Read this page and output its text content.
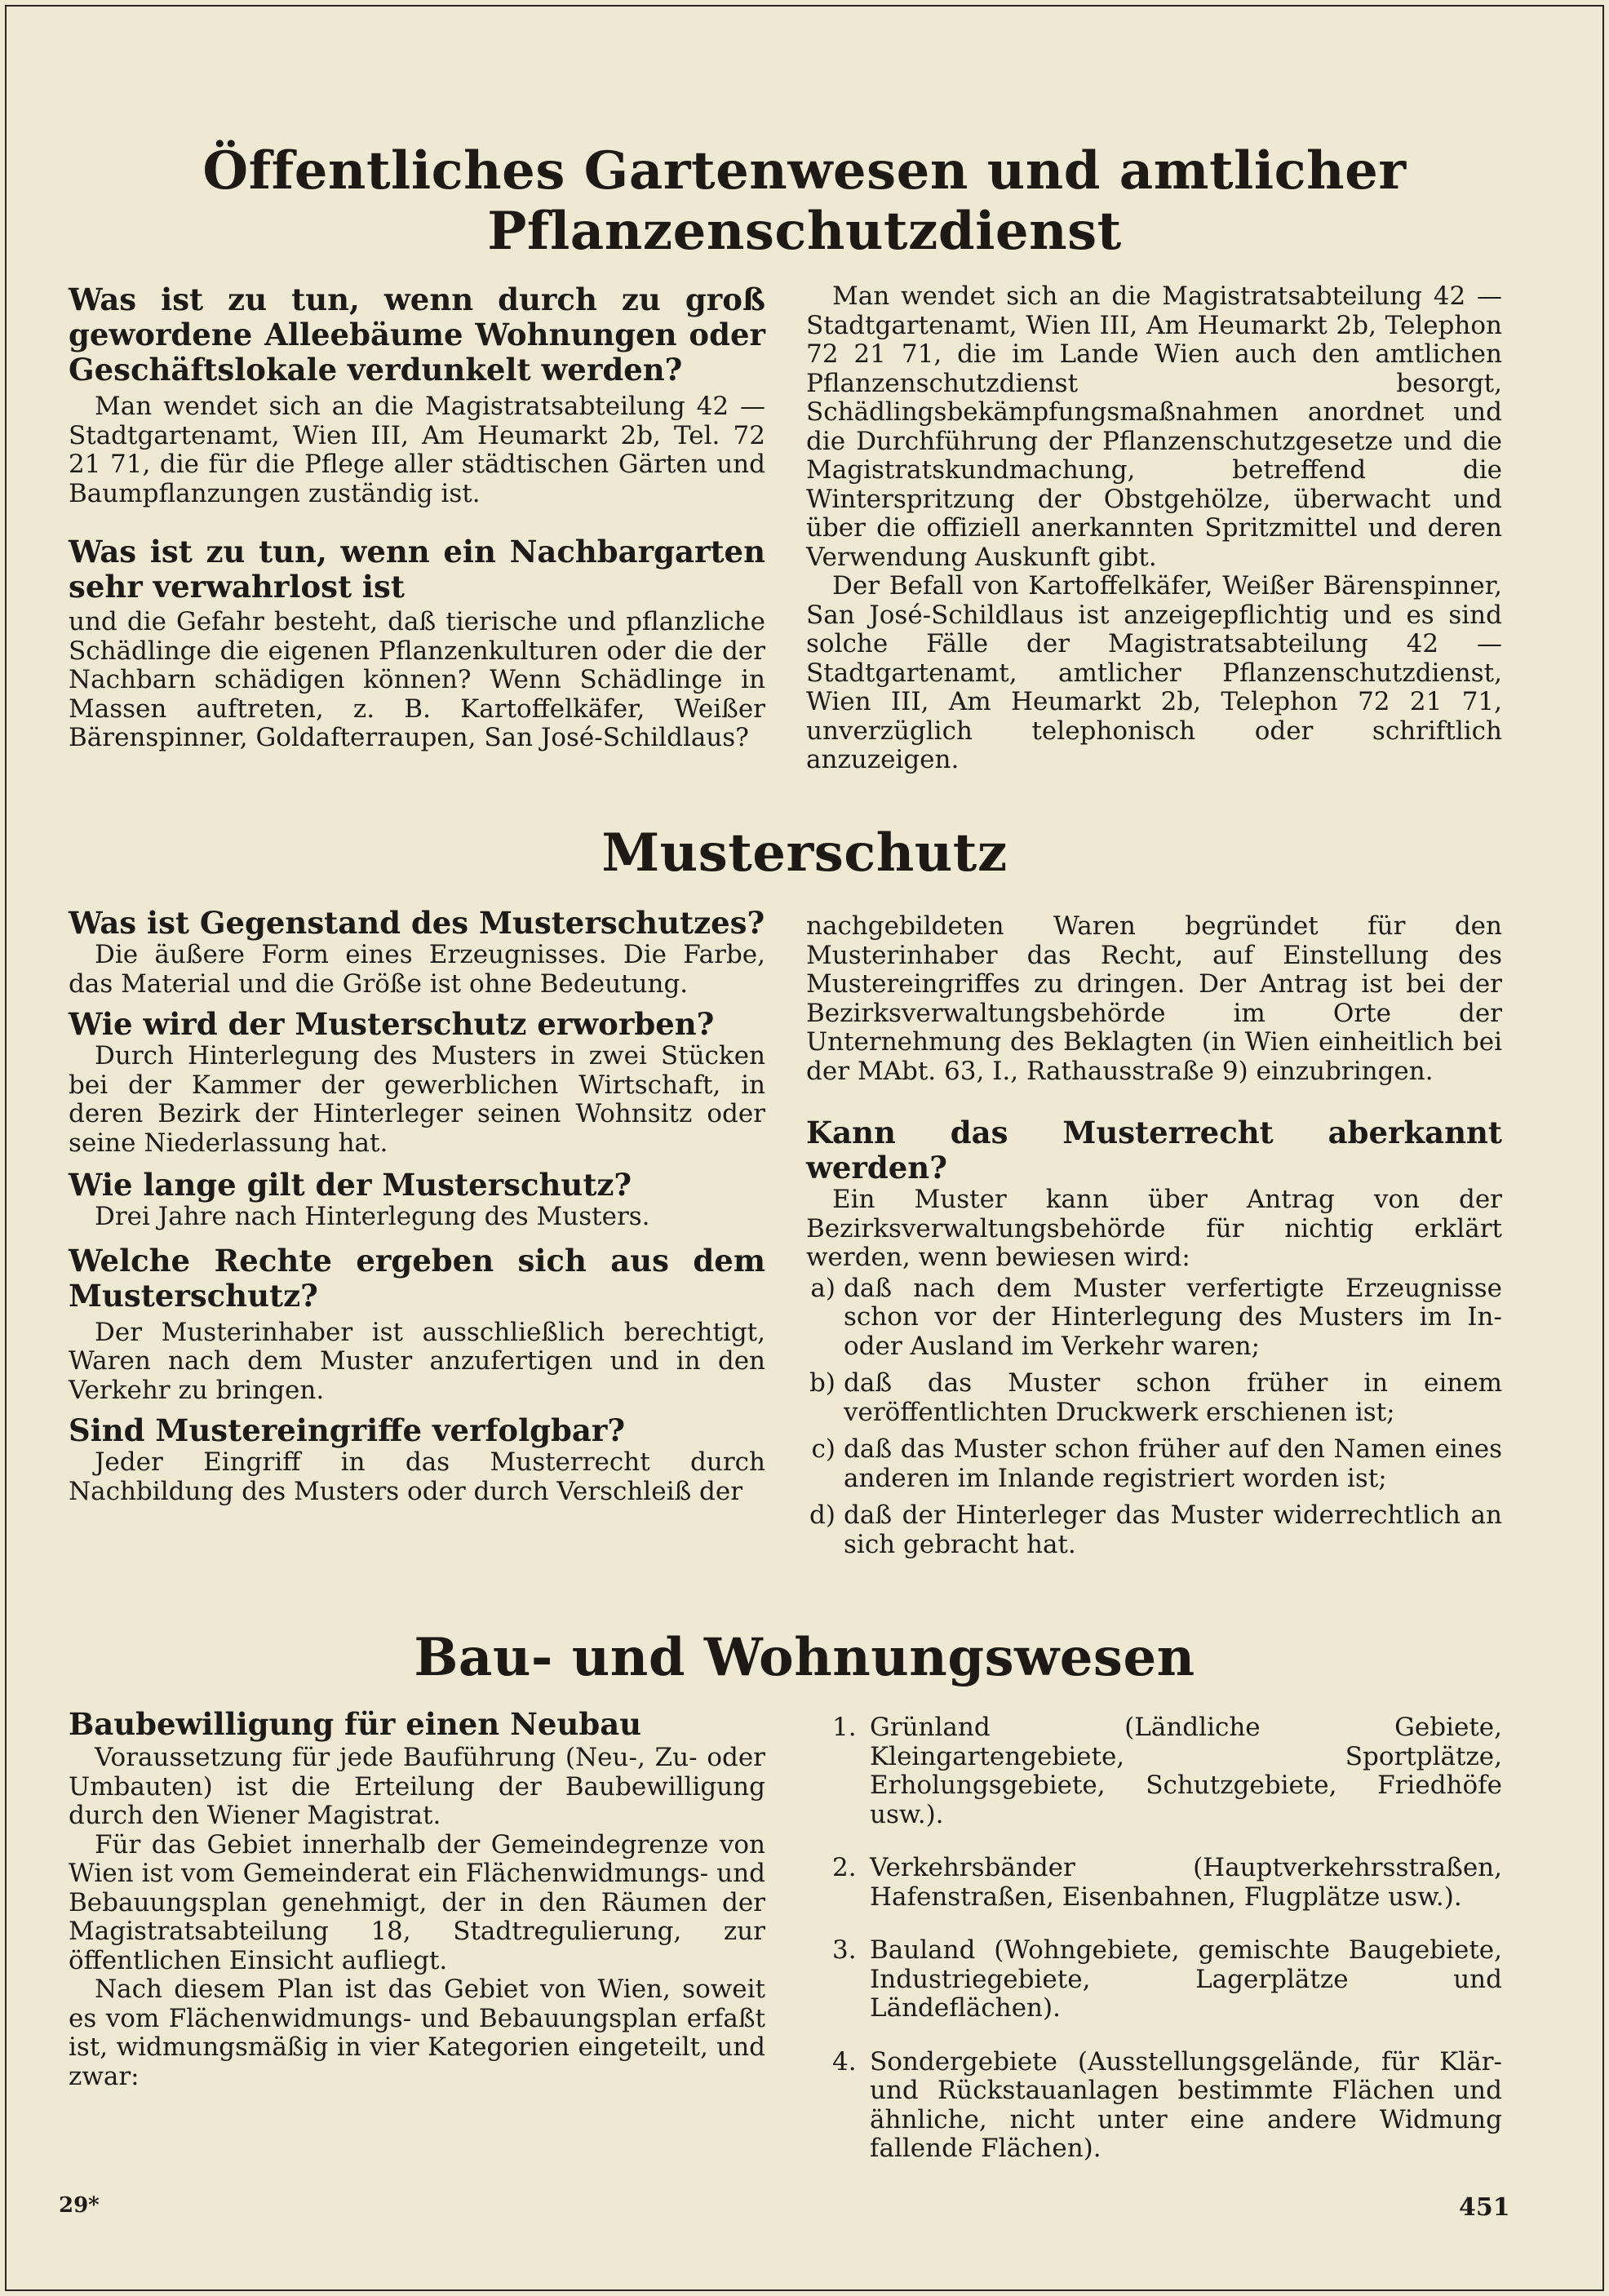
Öffentliches Gartenwesen und amtlicher
Pflanzenschutzdienst

Was ist zu tun, wenn durch zu groß gewordene Alleebäume Wohnungen oder Geschäftslokale verdunkelt werden?

Man wendet sich an die Magistratsabteilung 42 — Stadtgartenamt, Wien III, Am Heumarkt 2b, Tel. 72 21 71, die für die Pflege aller städtischen Gärten und Baumpflanzungen zuständig ist.

Was ist zu tun, wenn ein Nachbargarten sehr verwahrlost ist

und die Gefahr besteht, daß tierische und pflanzliche Schädlinge die eigenen Pflanzenkulturen oder die der Nachbarn schädigen können? Wenn Schädlinge in Massen auftreten, z. B. Kartoffelkäfer, Weißer Bärenspinner, Goldafterraupen, San José-Schildlaus?

Man wendet sich an die Magistratsabteilung 42 — Stadtgartenamt, Wien III, Am Heumarkt 2b, Telephon 72 21 71, die im Lande Wien auch den amtlichen Pflanzenschutzdienst besorgt, Schädlingsbekämpfungsmaßnahmen anordnet und die Durchführung der Pflanzenschutzgesetze und die Magistratskundmachung, betreffend die Winterspritzung der Obstgehölze, überwacht und über die offiziell anerkannten Spritzmittel und deren Verwendung Auskunft gibt.

Der Befall von Kartoffelkäfer, Weißer Bärenspinner, San José-Schildlaus ist anzeigepflichtig und es sind solche Fälle der Magistratsabteilung 42 — Stadtgartenamt, amtlicher Pflanzenschutzdienst, Wien III, Am Heumarkt 2b, Telephon 72 21 71, unverzüglich telephonisch oder schriftlich anzuzeigen.

Musterschutz

Was ist Gegenstand des Musterschutzes?

Die äußere Form eines Erzeugnisses. Die Farbe, das Material und die Größe ist ohne Bedeutung.

Wie wird der Musterschutz erworben?

Durch Hinterlegung des Musters in zwei Stücken bei der Kammer der gewerblichen Wirtschaft, in deren Bezirk der Hinterleger seinen Wohnsitz oder seine Niederlassung hat.

Wie lange gilt der Musterschutz?

Drei Jahre nach Hinterlegung des Musters.

Welche Rechte ergeben sich aus dem Musterschutz?

Der Musterinhaber ist ausschließlich berechtigt, Waren nach dem Muster anzufertigen und in den Verkehr zu bringen.

Sind Mustereingriffe verfolgbar?

Jeder Eingriff in das Musterrecht durch Nachbildung des Musters oder durch Verschleiß der

nachgebildeten Waren begründet für den Musterinhaber das Recht, auf Einstellung des Mustereingriffes zu dringen. Der Antrag ist bei der Bezirksverwaltungsbehörde im Orte der Unternehmung des Beklagten (in Wien einheitlich bei der MAbt. 63, I., Rathausstraße 9) einzubringen.

Kann das Musterrecht aberkannt werden?

Ein Muster kann über Antrag von der Bezirksverwaltungsbehörde für nichtig erklärt werden, wenn bewiesen wird:

a) daß nach dem Muster verfertigte Erzeugnisse schon vor der Hinterlegung des Musters im In- oder Ausland im Verkehr waren;
b) daß das Muster schon früher in einem veröffentlichten Druckwerk erschienen ist;
c) daß das Muster schon früher auf den Namen eines anderen im Inlande registriert worden ist;
d) daß der Hinterleger das Muster widerrechtlich an sich gebracht hat.
Bau- und Wohnungswesen

Baubewilligung für einen Neubau

Voraussetzung für jede Bauführung (Neu-, Zu- oder Umbauten) ist die Erteilung der Baubewilligung durch den Wiener Magistrat.

Für das Gebiet innerhalb der Gemeindegrenze von Wien ist vom Gemeinderat ein Flächenwidmungs- und Bebauungsplan genehmigt, der in den Räumen der Magistratsabteilung 18, Stadtregulierung, zur öffentlichen Einsicht aufliegt.

Nach diesem Plan ist das Gebiet von Wien, soweit es vom Flächenwidmungs- und Bebauungsplan erfaßt ist, widmungsmäßig in vier Kategorien eingeteilt, und zwar:

1. Grünland (Ländliche Gebiete, Kleingartengebiete, Sportplätze, Erholungsgebiete, Schutzgebiete, Friedhöfe usw.).
2. Verkehrsbänder (Hauptverkehrsstraßen, Hafenstraßen, Eisenbahnen, Flugplätze usw.).
3. Bauland (Wohngebiete, gemischte Baugebiete, Industriegebiete, Lagerplätze und Ländeflächen).
4. Sondergebiete (Ausstellungsgelände, für Klär- und Rückstauanlagen bestimmte Flächen und ähnliche, nicht unter eine andere Widmung fallende Flächen).
29*	451
